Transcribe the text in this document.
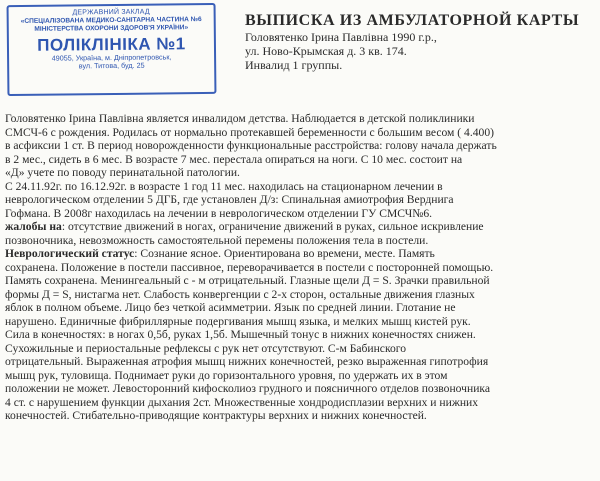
ДЕРЖАВНИЙ ЗАКЛАД
«СПЕЦІАЛІЗОВАНА МЕДИКО-САНІТАРНА ЧАСТИНА №6
МІНІСТЕРСТВА ОХОРОНИ ЗДОРОВ'Я УКРАЇНИ»
ПОЛІКЛІНІКА №1
49055, Україна, м. Дніпропетровськ,
вул. Титова, буд. 25
ВЫПИСКА ИЗ АМБУЛАТОРНОЙ КАРТЫ
Головятенко Ірина Павлівна 1990 г.р.,
ул. Ново-Крымская д. 3 кв. 174.
Инвалид 1 группы.
Головятенко Ірина Павлівна является инвалидом детства. Наблюдается в детской поликлиники
СМСЧ-6 с рождения. Родилась от нормально протекавшей беременности с большим весом ( 4.400)
в асфиксии 1 ст. В период новорожденности функциональные расстройства: голову начала держать
в 2 мес., сидеть в 6 мес. В возрасте 7 мес. перестала опираться на ноги. С 10 мес. состоит на
«Д» учете по поводу перинатальной патологии.
С 24.11.92г. по 16.12.92г. в возрасте 1 год 11 мес. находилась на стационарном лечении в
неврологическом отделении 5 ДГБ, где установлен Д/з: Спинальная амиотрофия Верднига
Гофмана. В 2008г находилась на лечении в неврологическом отделении ГУ СМСЧ№6.
жалобы на: отсутствие движений в ногах, ограничение движений в руках, сильное искривление
позвоночника, невозможность самостоятельной перемены положения тела в постели.
Неврологический статус: Сознание ясное. Ориентирована во времени, месте. Память
сохранена. Положение в постели пассивное, переворачивается в постели с посторонней помощью.
Память сохранена. Менингеальный с - м отрицательный. Глазные щели Д = S. Зрачки правильной
формы Д = S, нистагма нет. Слабость конвергенции с 2-х сторон, остальные движения глазных
яблок в полном объеме. Лицо без четкой асимметрии. Язык по средней линии. Глотание не
нарушено. Единичные фибриллярные подергивания мышц языка, и мелких мышц кистей рук.
Сила в конечностях: в ногах 0,5б, руках 1,5б. Мышечный тонус в нижних конечностях снижен.
Сухожильные и периостальные рефлексы с рук нет отсутствуют. С-м Бабинского
отрицательный. Выраженная атрофия мышц нижних конечностей, резко выраженная гипотрофия
мышц рук, туловища. Поднимает руки до горизонтального уровня, по удержать их в этом
положении не может. Левосторонний кифосколиоз грудного и поясничного отделов позвоночника
4 ст. с нарушением функции дыхания 2ст. Множественные хондродисплазии верхних и нижних
конечностей. Стибательно-приводящие контрактуры верхних и нижних конечностей.
